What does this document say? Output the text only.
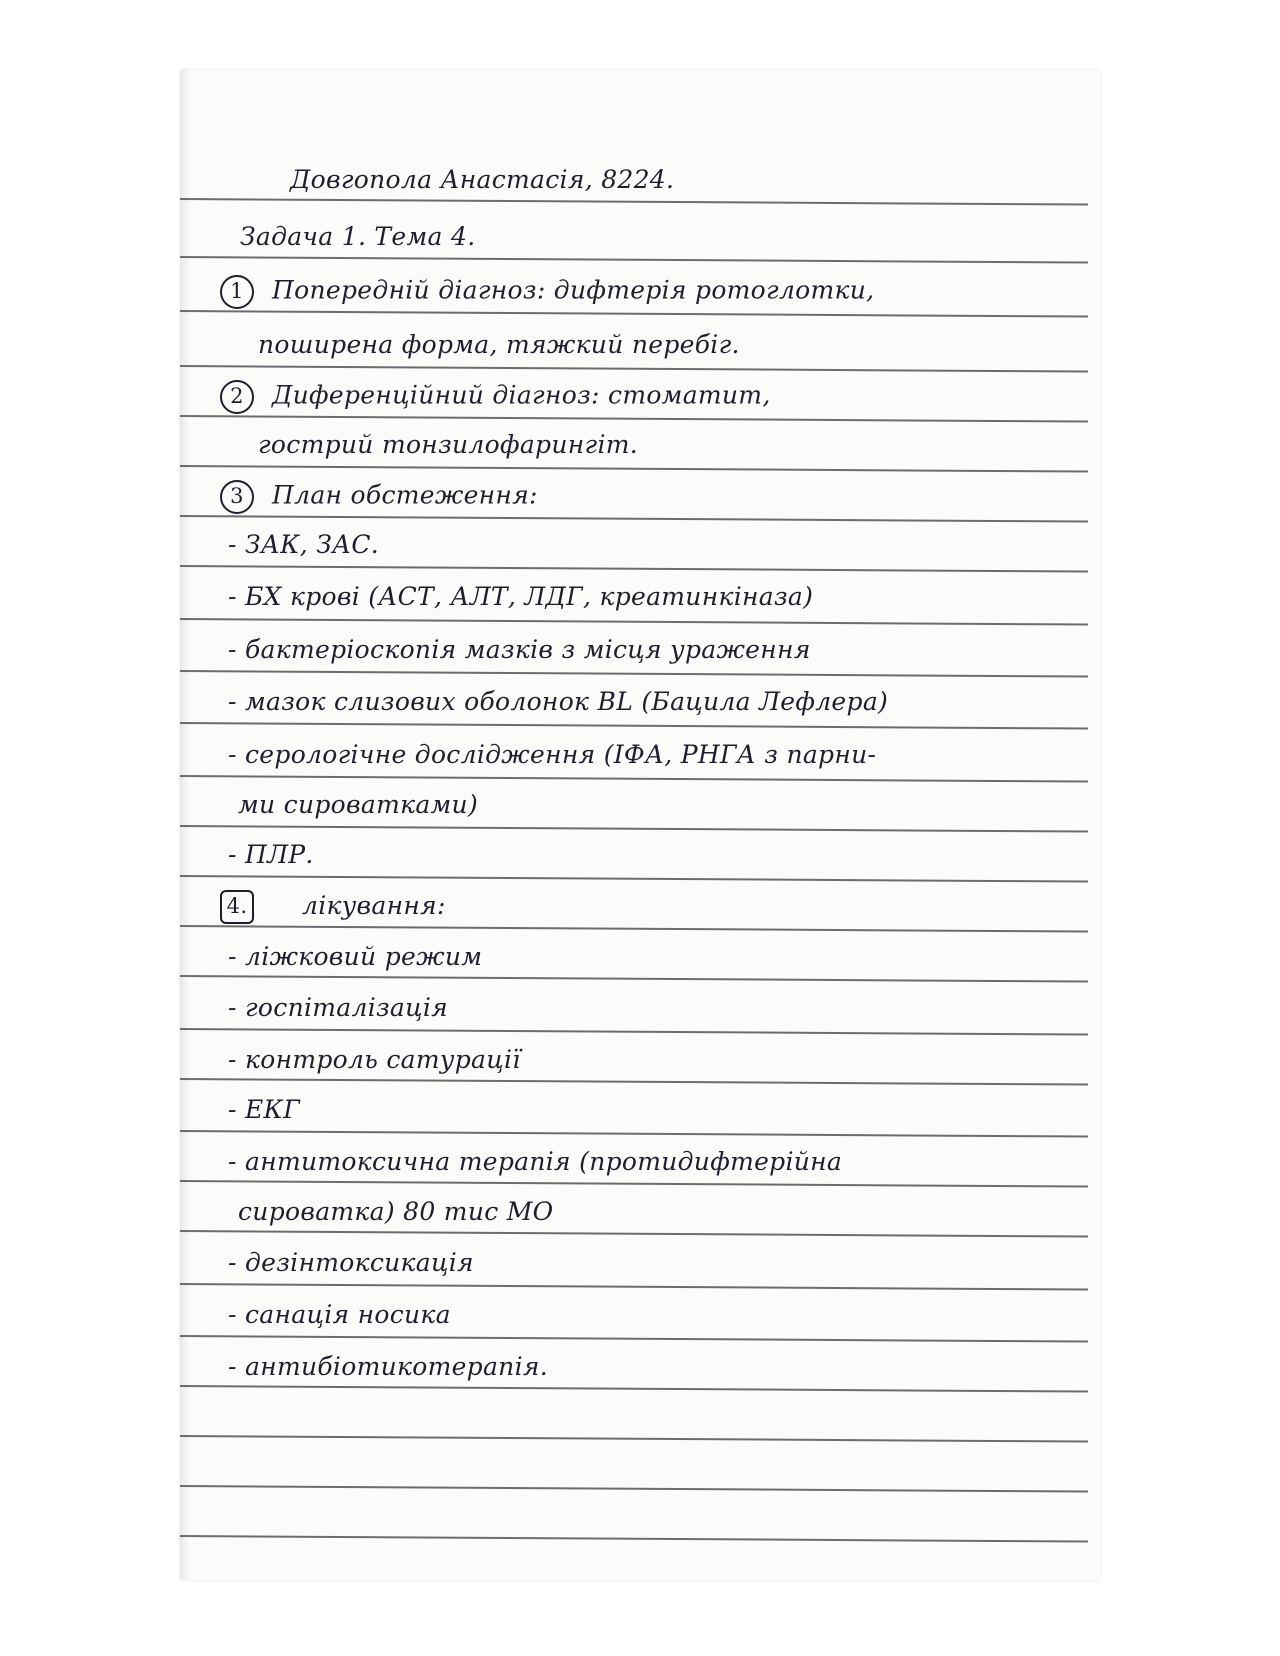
Довгопола Анастасія, 8224.
Задача 1. Тема 4.
1 Попередній діагноз: дифтерія ротоглотки,
поширена форма, тяжкий перебіг.
2 Диференційний діагноз: стоматит,
гострий тонзилофарингіт.
3 План обстеження:
- ЗАК, ЗАС.
- БХ крові (АСТ, АЛТ, ЛДГ, креатинкіназа)
- бактеріоскопія мазків з місця ураження
- мазок слизових оболонок BL (Бацила Лефлера)
- серологічне дослідження (ІФА, РНГА з парни-
ми сироватками)
- ПЛР.
4. лікування:
- ліжковий режим
- госпіталізація
- контроль сатурації
- ЕКГ
- антитоксична терапія (протидифтерійна
сироватка) 80 тис МО
- дезінтоксикація
- санація носика
- антибіотикотерапія.
